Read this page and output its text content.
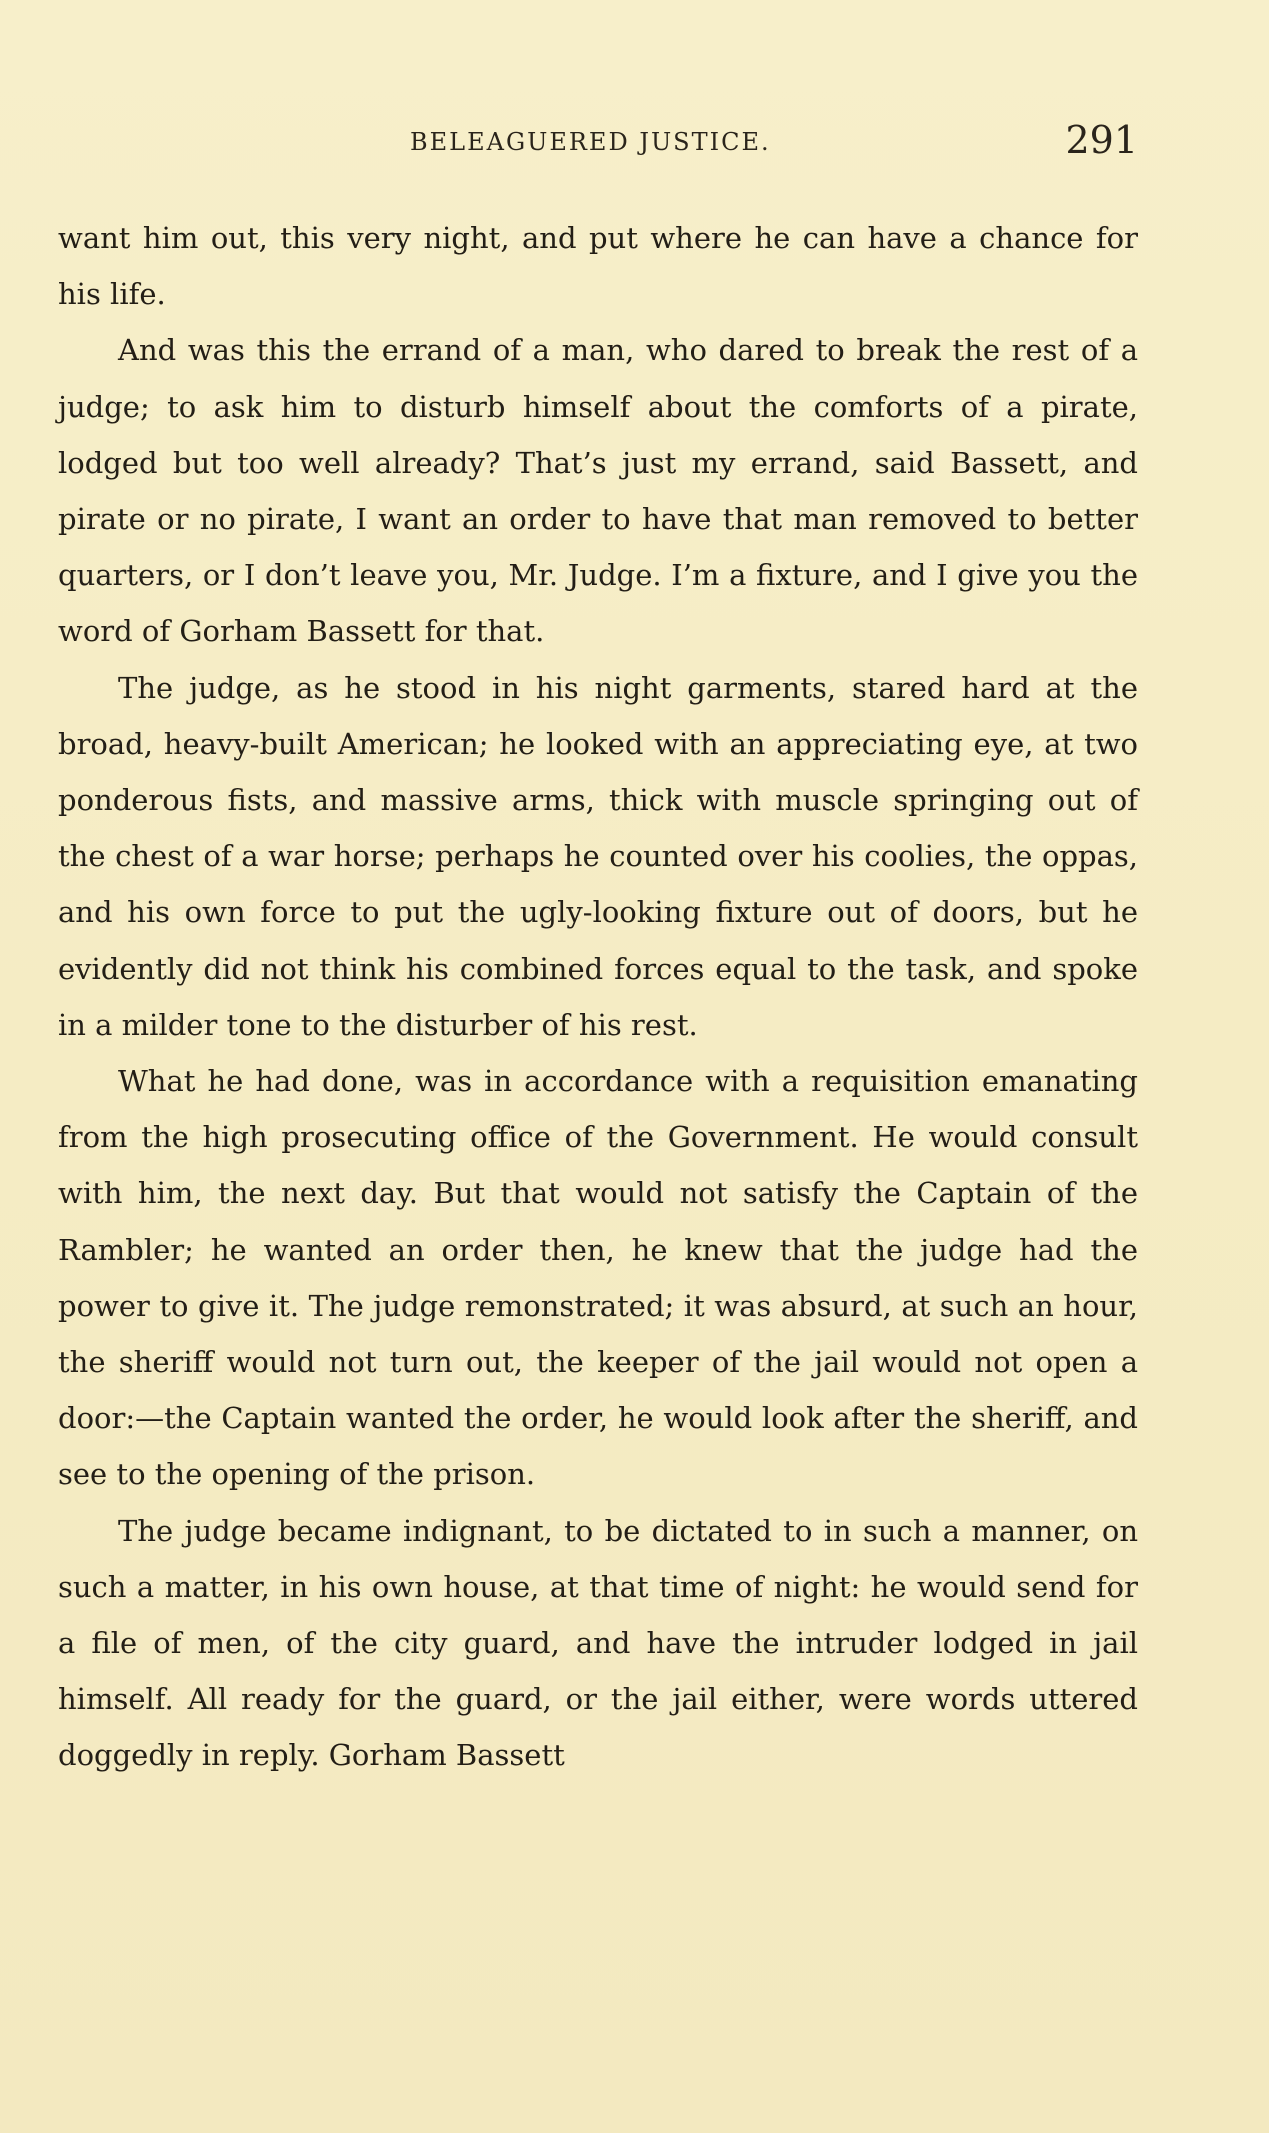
BELEAGUERED JUSTICE.	291

want him out, this very night, and put where he can have a chance for his life.

And was this the errand of a man, who dared to break the rest of a judge; to ask him to disturb himself about the comforts of a pirate, lodged but too well already? That’s just my errand, said Bassett, and pirate or no pirate, I want an order to have that man removed to better quarters, or I don’t leave you, Mr. Judge. I’m a fixture, and I give you the word of Gorham Bassett for that.

The judge, as he stood in his night garments, stared hard at the broad, heavy-built American; he looked with an appreciating eye, at two ponderous fists, and massive arms, thick with muscle springing out of the chest of a war horse; perhaps he counted over his coolies, the oppas, and his own force to put the ugly-looking fixture out of doors, but he evidently did not think his combined forces equal to the task, and spoke in a milder tone to the disturber of his rest.

What he had done, was in accordance with a requisition emanating from the high prosecuting office of the Government. He would consult with him, the next day. But that would not satisfy the Captain of the Rambler; he wanted an order then, he knew that the judge had the power to give it. The judge remonstrated; it was absurd, at such an hour, the sheriff would not turn out, the keeper of the jail would not open a door:—the Captain wanted the order, he would look after the sheriff, and see to the opening of the prison.

The judge became indignant, to be dictated to in such a manner, on such a matter, in his own house, at that time of night: he would send for a file of men, of the city guard, and have the intruder lodged in jail himself. All ready for the guard, or the jail either, were words uttered doggedly in reply. Gorham Bassett
